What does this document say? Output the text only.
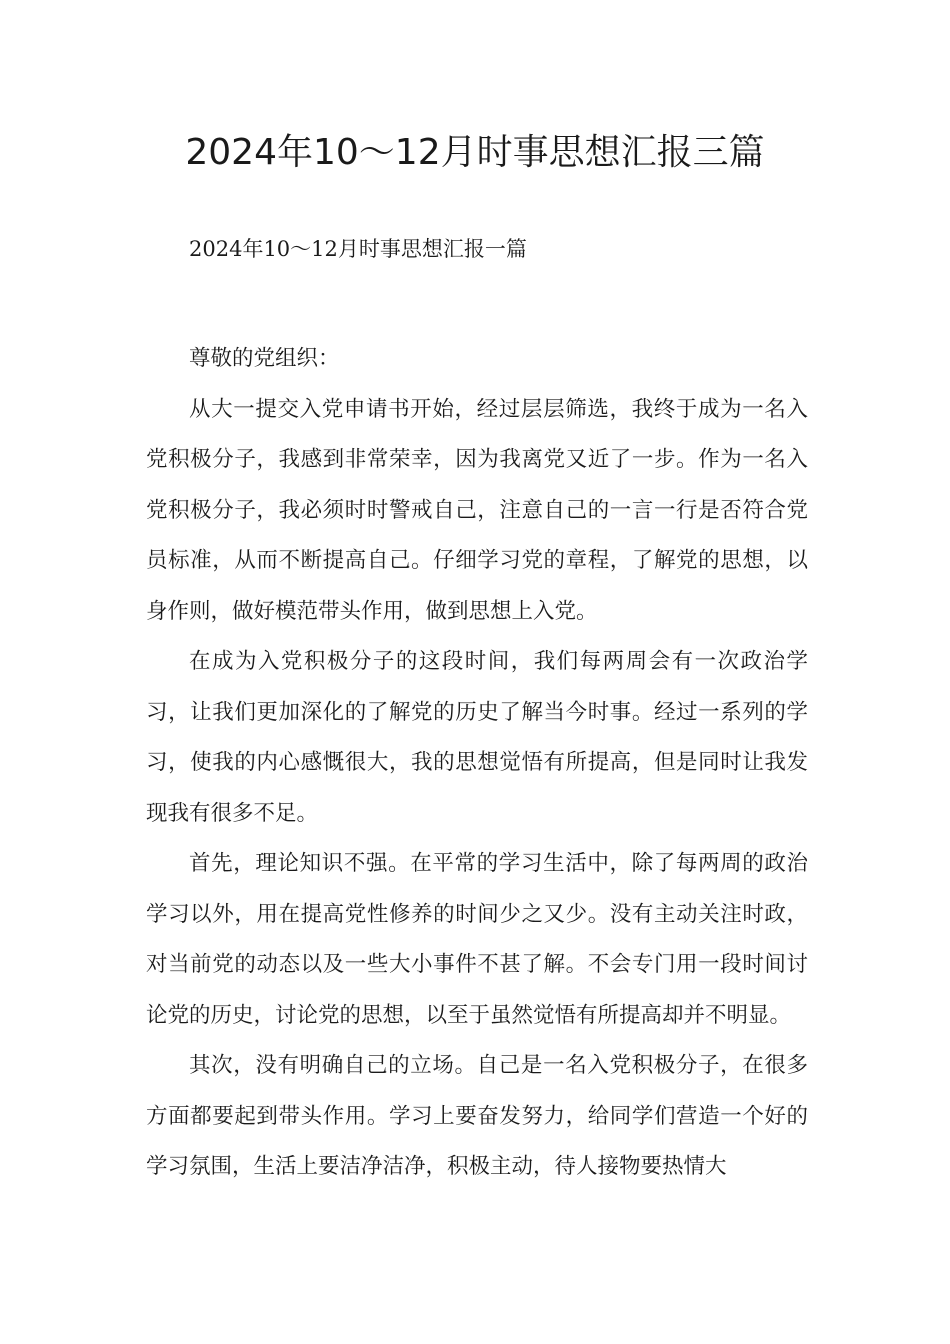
2024年10～12月时事思想汇报三篇
2024年10～12月时事思想汇报一篇

尊敬的党组织：

从大一提交入党申请书开始，经过层层筛选，我终于成为一名入党积极分子，我感到非常荣幸，因为我离党又近了一步。作为一名入党积极分子，我必须时时警戒自己，注意自己的一言一行是否符合党员标准，从而不断提高自己。仔细学习党的章程，了解党的思想，以身作则，做好模范带头作用，做到思想上入党。

在成为入党积极分子的这段时间，我们每两周会有一次政治学习，让我们更加深化的了解党的历史了解当今时事。经过一系列的学习，使我的内心感慨很大，我的思想觉悟有所提高，但是同时让我发现我有很多不足。

首先，理论知识不强。在平常的学习生活中，除了每两周的政治学习以外，用在提高党性修养的时间少之又少。没有主动关注时政，对当前党的动态以及一些大小事件不甚了解。不会专门用一段时间讨论党的历史，讨论党的思想，以至于虽然觉悟有所提高却并不明显。

其次，没有明确自己的立场。自己是一名入党积极分子，在很多方面都要起到带头作用。学习上要奋发努力，给同学们营造一个好的学习氛围，生活上要洁净洁净，积极主动，待人接物要热情大
